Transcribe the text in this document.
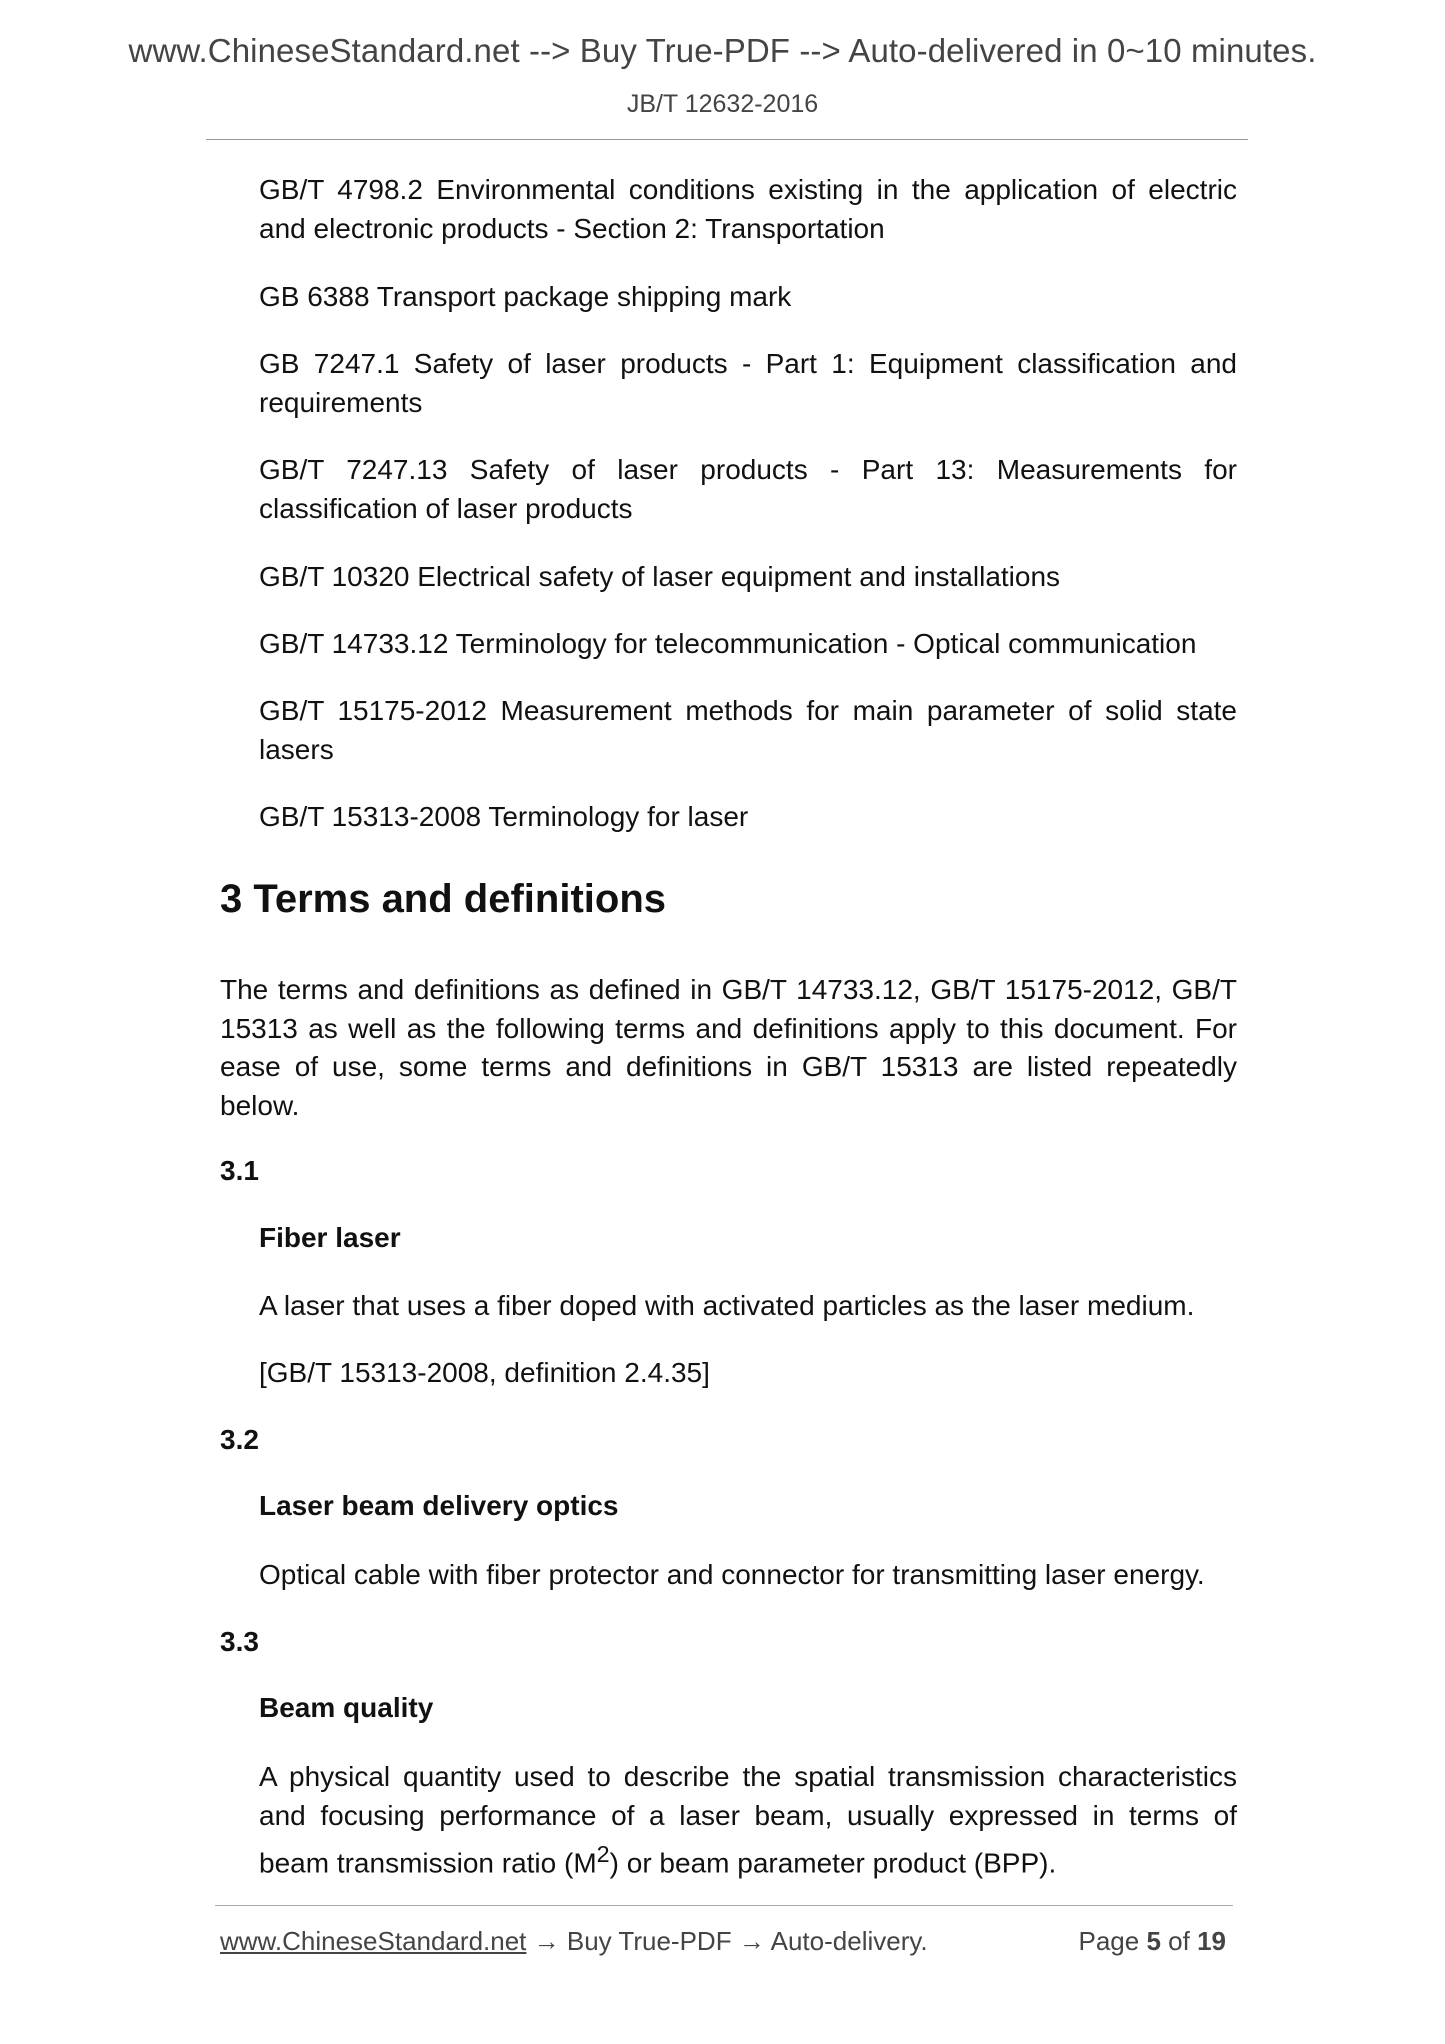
www.ChineseStandard.net --> Buy True-PDF --> Auto-delivered in 0~10 minutes.
JB/T 12632-2016
GB/T 4798.2 Environmental conditions existing in the application of electric and electronic products - Section 2: Transportation
GB 6388 Transport package shipping mark
GB 7247.1 Safety of laser products - Part 1: Equipment classification and requirements
GB/T 7247.13 Safety of laser products - Part 13: Measurements for classification of laser products
GB/T 10320 Electrical safety of laser equipment and installations
GB/T 14733.12 Terminology for telecommunication - Optical communication
GB/T 15175-2012 Measurement methods for main parameter of solid state lasers
GB/T 15313-2008 Terminology for laser
3 Terms and definitions
The terms and definitions as defined in GB/T 14733.12, GB/T 15175-2012, GB/T 15313 as well as the following terms and definitions apply to this document. For ease of use, some terms and definitions in GB/T 15313 are listed repeatedly below.
3.1
Fiber laser
A laser that uses a fiber doped with activated particles as the laser medium.
[GB/T 15313-2008, definition 2.4.35]
3.2
Laser beam delivery optics
Optical cable with fiber protector and connector for transmitting laser energy.
3.3
Beam quality
A physical quantity used to describe the spatial transmission characteristics and focusing performance of a laser beam, usually expressed in terms of beam transmission ratio $(M^2)$ or beam parameter product (BPP).
www.ChineseStandard.net → Buy True-PDF → Auto-delivery.	Page 5 of 19
